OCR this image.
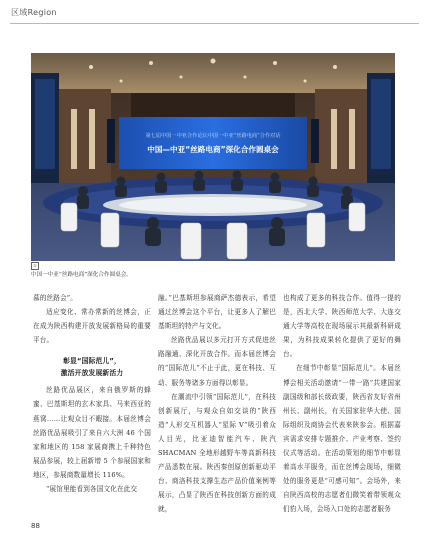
区域Region
第七届中国一中亚合作论坛中国一中亚“丝路电商”合作对话
中国—中亚“丝路电商”深化合作圆桌会
①
中国一中亚“丝路电商”深化合作圆桌会。

慕的丝路会”。

适应变化、常办常新的丝博会，正在成为陕西构建开放发展新格局的重要平台。

彰显“国际范儿”，
激活开放发展新活力

丝路优品展区，来自俄罗斯的蜂蜜、巴基斯坦的玄木家具、马来西亚的燕窝……让观众目不暇接。本届丝博会丝路优品展吸引了来自六大洲 46 个国家和地区的 158 家展商携上千种特色展品参展，较上届新增 5 个参展国家和地区，参展商数量增长 116%。

“展馆里能看到各国文化在此交

融。”巴基斯坦参展商萨杰德表示，希望通过丝博会这个平台，让更多人了解巴基斯坦的特产与文化。

丝路优品展以多元打开方式促进丝路融通、深化开放合作。而本届丝博会的“国际范儿”不止于此，更在科技、互动、服务等诸多方面得以彰显。

在潮流中引领“国际范儿”，在科技创新展厅，与观众自如交谈的“陕西造”人形交互机器人“星际 V”吸引着众人目光，比亚迪智能汽车、陕汽 SHACMAN 全地形越野车等高新科技产品悉数在展。陕西秦创原创新驱动平台、商洛科技支撑生态产品价值案例等展示，凸显了陕西在科技创新方面的成就，

也构成了更多的科技合作。值得一提的是，西北大学、陕西师范大学、大连交通大学等高校在现场展示其最新科研成果，为科技成果转化提供了更好的舞台。

在细节中彰显“国际范儿”。本届丝博会相关活动邀请“一带一路”共建国家副国级和部长级政要，陕西省友好省州州长、副州长，有关国家驻华大使、国际组织及商协会代表来陕参会。根据嘉宾需求安排专题推介、产业考察、签约仪式等活动。在活动策划的细节中彰显着高水平服务，而在丝博会现场，细微处的服务更是“可感可知”。会场外，来自陕西高校的志愿者们微笑着带领观众们豹入场，会场入口处的志愿者服务

88
